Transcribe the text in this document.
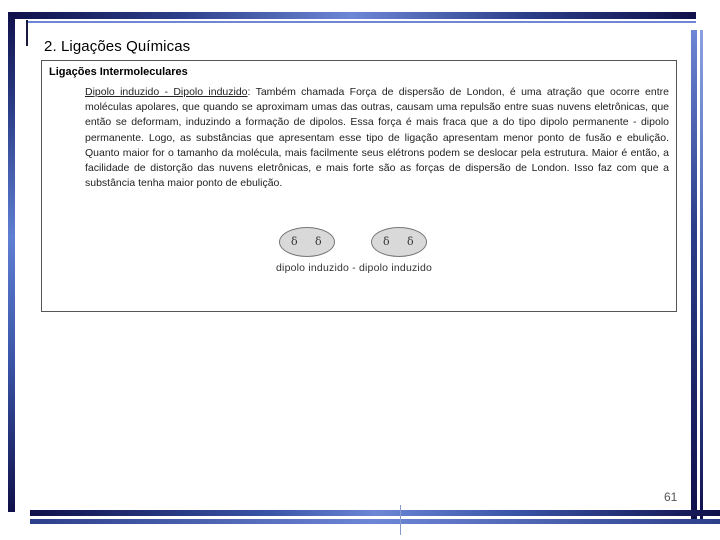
2. Ligações Químicas
Ligações Intermoleculares
Dipolo induzido - Dipolo induzido: Também chamada Força de dispersão de London, é uma atração que ocorre entre moléculas apolares, que quando se aproximam umas das outras, causam uma repulsão entre suas nuvens eletrônicas, que então se deformam, induzindo a formação de dipolos. Essa força é mais fraca que a do tipo dipolo permanente - dipolo permanente. Logo, as substâncias que apresentam esse tipo de ligação apresentam menor ponto de fusão e ebulição. Quanto maior for o tamanho da molécula, mais facilmente seus elétrons podem se deslocar pela estrutura. Maior é então, a facilidade de distorção das nuvens eletrônicas, e mais forte são as forças de dispersão de London. Isso faz com que a substância tenha maior ponto de ebulição.
δ δ	δ δ
dipolo induzido - dipolo induzido
61
